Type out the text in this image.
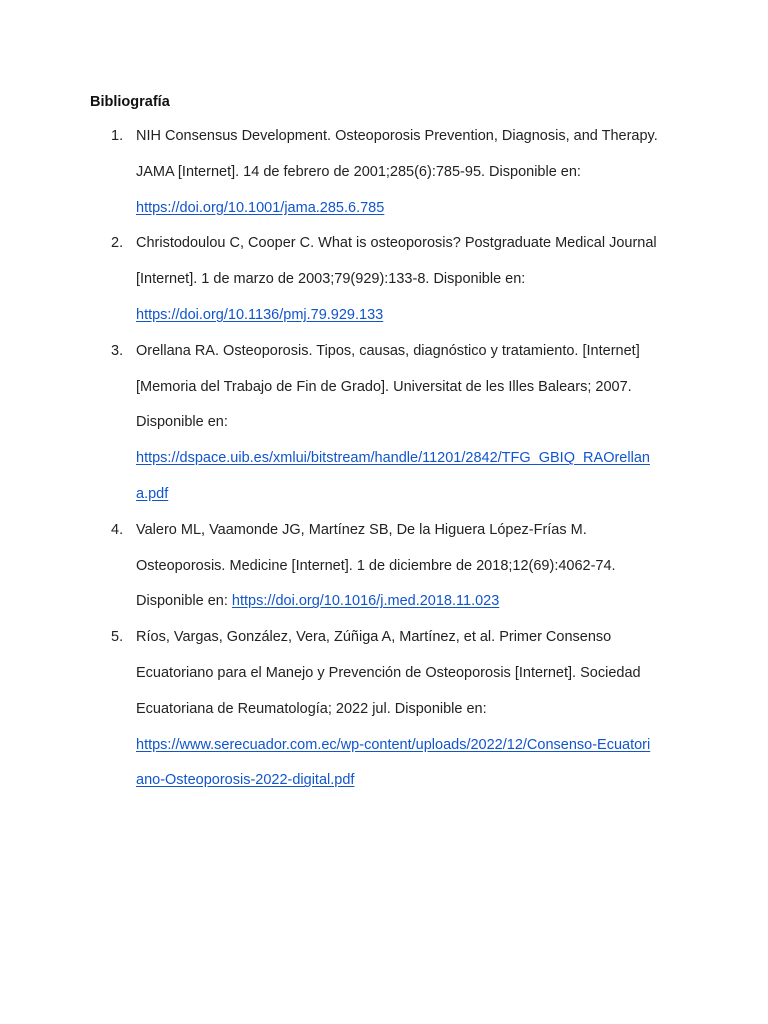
Bibliografía
1. NIH Consensus Development. Osteoporosis Prevention, Diagnosis, and Therapy.
JAMA [Internet]. 14 de febrero de 2001;285(6):785-95. Disponible en:
https://doi.org/10.1001/jama.285.6.785
2. Christodoulou C, Cooper C. What is osteoporosis? Postgraduate Medical Journal
[Internet]. 1 de marzo de 2003;79(929):133-8. Disponible en:
https://doi.org/10.1136/pmj.79.929.133
3. Orellana RA. Osteoporosis. Tipos, causas, diagnóstico y tratamiento. [Internet]
[Memoria del Trabajo de Fin de Grado]. Universitat de les Illes Balears; 2007.
Disponible en:
https://dspace.uib.es/xmlui/bitstream/handle/11201/2842/TFG_GBIQ_RAOrellan
a.pdf
4. Valero ML, Vaamonde JG, Martínez SB, De la Higuera López-Frías M.
Osteoporosis. Medicine [Internet]. 1 de diciembre de 2018;12(69):4062-74.
Disponible en: https://doi.org/10.1016/j.med.2018.11.023
5. Ríos, Vargas, González, Vera, Zúñiga A, Martínez, et al. Primer Consenso
Ecuatoriano para el Manejo y Prevención de Osteoporosis [Internet]. Sociedad
Ecuatoriana de Reumatología; 2022 jul. Disponible en:
https://www.serecuador.com.ec/wp-content/uploads/2022/12/Consenso-Ecuatori
ano-Osteoporosis-2022-digital.pdf
